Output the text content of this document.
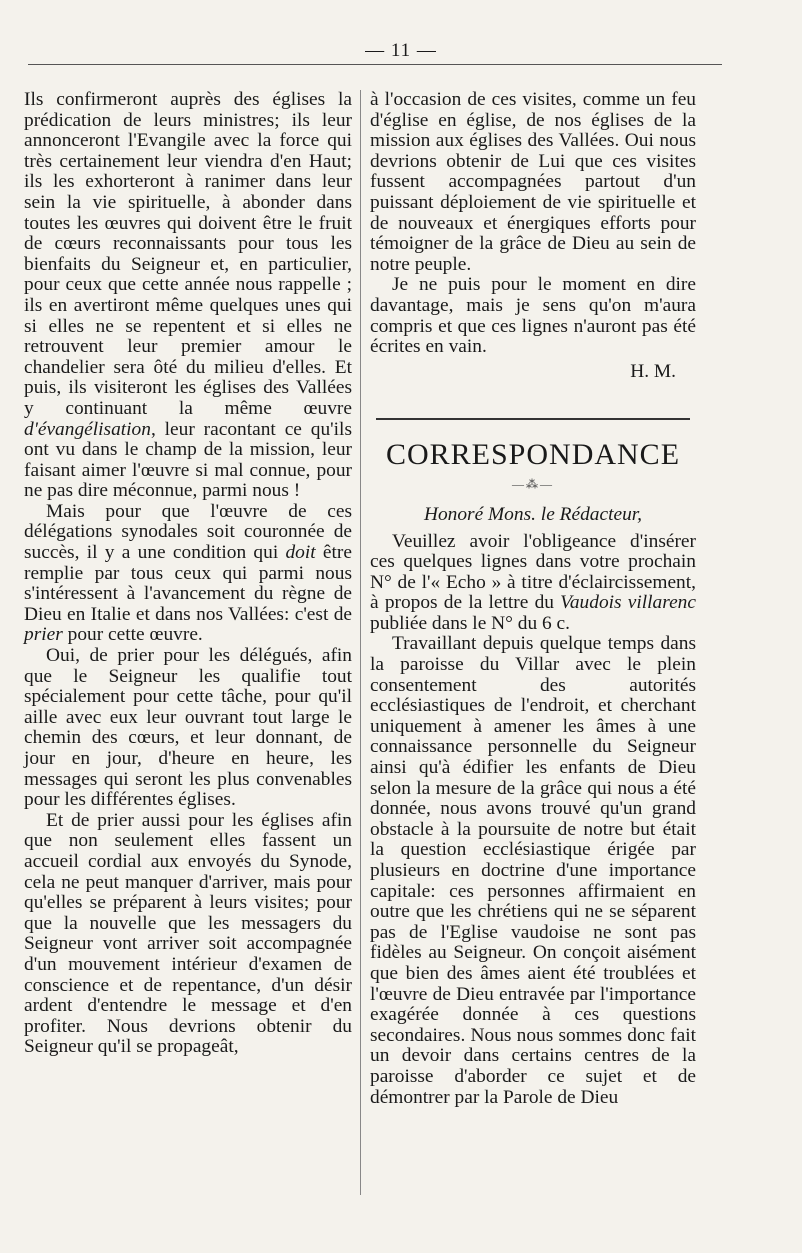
— 11 —

Ils confirmeront auprès des églises la prédication de leurs ministres; ils leur annonceront l'Evangile avec la force qui très certainement leur viendra d'en Haut; ils les exhorteront à ranimer dans leur sein la vie spirituelle, à abonder dans toutes les œuvres qui doivent être le fruit de cœurs reconnaissants pour tous les bienfaits du Seigneur et, en particulier, pour ceux que cette année nous rappelle ; ils en avertiront même quelques unes qui si elles ne se repentent et si elles ne retrouvent leur premier amour le chandelier sera ôté du milieu d'elles. Et puis, ils visiteront les églises des Vallées y continuant la même œuvre d'évangélisation, leur racontant ce qu'ils ont vu dans le champ de la mission, leur faisant aimer l'œuvre si mal connue, pour ne pas dire méconnue, parmi nous !

Mais pour que l'œuvre de ces délégations synodales soit couronnée de succès, il y a une condition qui doit être remplie par tous ceux qui parmi nous s'intéressent à l'avancement du règne de Dieu en Italie et dans nos Vallées: c'est de prier pour cette œuvre.

Oui, de prier pour les délégués, afin que le Seigneur les qualifie tout spécialement pour cette tâche, pour qu'il aille avec eux leur ouvrant tout large le chemin des cœurs, et leur donnant, de jour en jour, d'heure en heure, les messages qui seront les plus convenables pour les différentes églises.

Et de prier aussi pour les églises afin que non seulement elles fassent un accueil cordial aux envoyés du Synode, cela ne peut manquer d'arriver, mais pour qu'elles se préparent à leurs visites; pour que la nouvelle que les messagers du Seigneur vont arriver soit accompagnée d'un mouvement intérieur d'examen de conscience et de repentance, d'un désir ardent d'entendre le message et d'en profiter. Nous devrions obtenir du Seigneur qu'il se propageât,

à l'occasion de ces visites, comme un feu d'église en église, de nos églises de la mission aux églises des Vallées. Oui nous devrions obtenir de Lui que ces visites fussent accompagnées partout d'un puissant déploiement de vie spirituelle et de nouveaux et énergiques efforts pour témoigner de la grâce de Dieu au sein de notre peuple.

Je ne puis pour le moment en dire davantage, mais je sens qu'on m'aura compris et que ces lignes n'auront pas été écrites en vain.

H. M.

CORRESPONDANCE
—⁂—

Honoré Mons. le Rédacteur,

Veuillez avoir l'obligeance d'insérer ces quelques lignes dans votre prochain N° de l'« Echo » à titre d'éclaircissement, à propos de la lettre du Vaudois villarenc publiée dans le N° du 6 c.

Travaillant depuis quelque temps dans la paroisse du Villar avec le plein consentement des autorités ecclésiastiques de l'endroit, et cherchant uniquement à amener les âmes à une connaissance personnelle du Seigneur ainsi qu'à édifier les enfants de Dieu selon la mesure de la grâce qui nous a été donnée, nous avons trouvé qu'un grand obstacle à la poursuite de notre but était la question ecclésiastique érigée par plusieurs en doctrine d'une importance capitale: ces personnes affirmaient en outre que les chrétiens qui ne se séparent pas de l'Eglise vaudoise ne sont pas fidèles au Seigneur. On conçoit aisément que bien des âmes aient été troublées et l'œuvre de Dieu entravée par l'importance exagérée donnée à ces questions secondaires. Nous nous sommes donc fait un devoir dans certains centres de la paroisse d'aborder ce sujet et de démontrer par la Parole de Dieu
